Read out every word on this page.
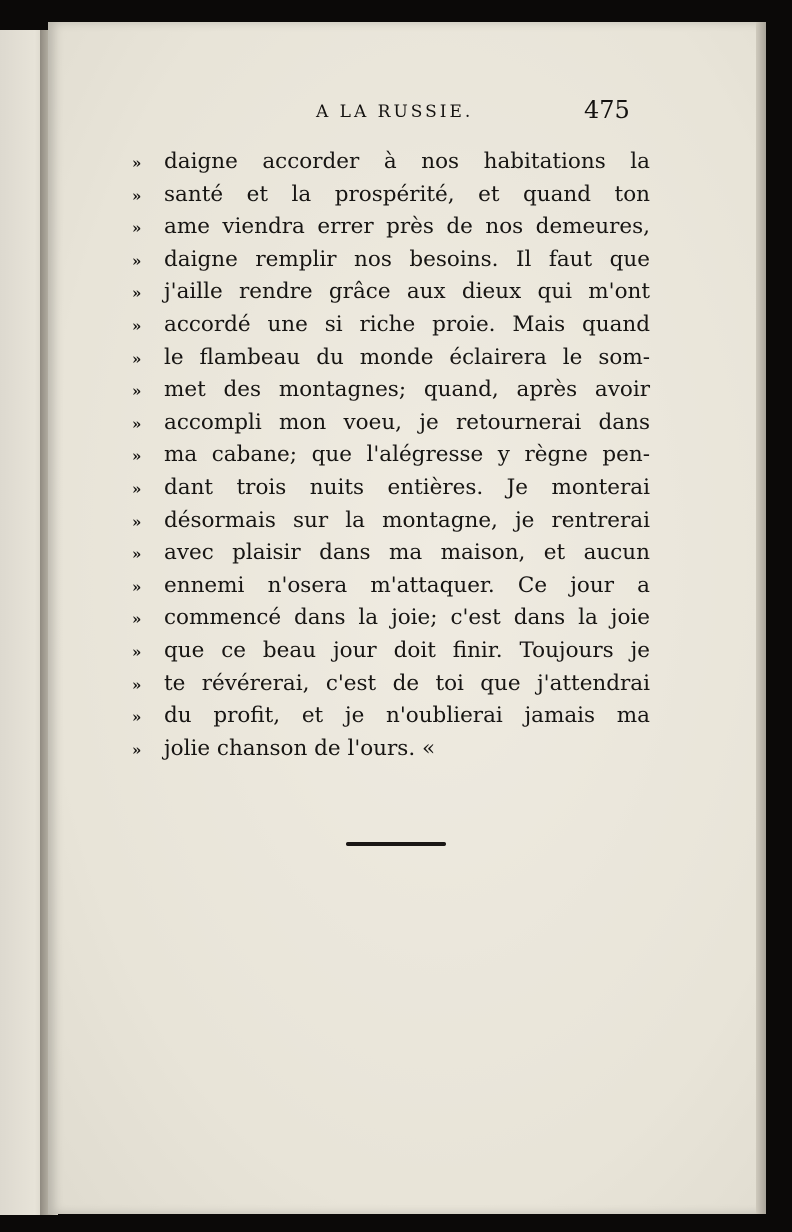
A LA RUSSIE.	475
» daigne accorder à nos habitations la
» santé et la prospérité, et quand ton
» ame viendra errer près de nos demeures,
» daigne remplir nos besoins. Il faut que
» j'aille rendre grâce aux dieux qui m'ont
» accordé une si riche proie. Mais quand
» le flambeau du monde éclairera le som-
» met des montagnes; quand, après avoir
» accompli mon voeu, je retournerai dans
» ma cabane; que l'alégresse y règne pen-
» dant trois nuits entières. Je monterai
» désormais sur la montagne, je rentrerai
» avec plaisir dans ma maison, et aucun
» ennemi n'osera m'attaquer. Ce jour a
» commencé dans la joie; c'est dans la joie
» que ce beau jour doit finir. Toujours je
» te révérerai, c'est de toi que j'attendrai
» du profit, et je n'oublierai jamais ma
» jolie chanson de l'ours. «
